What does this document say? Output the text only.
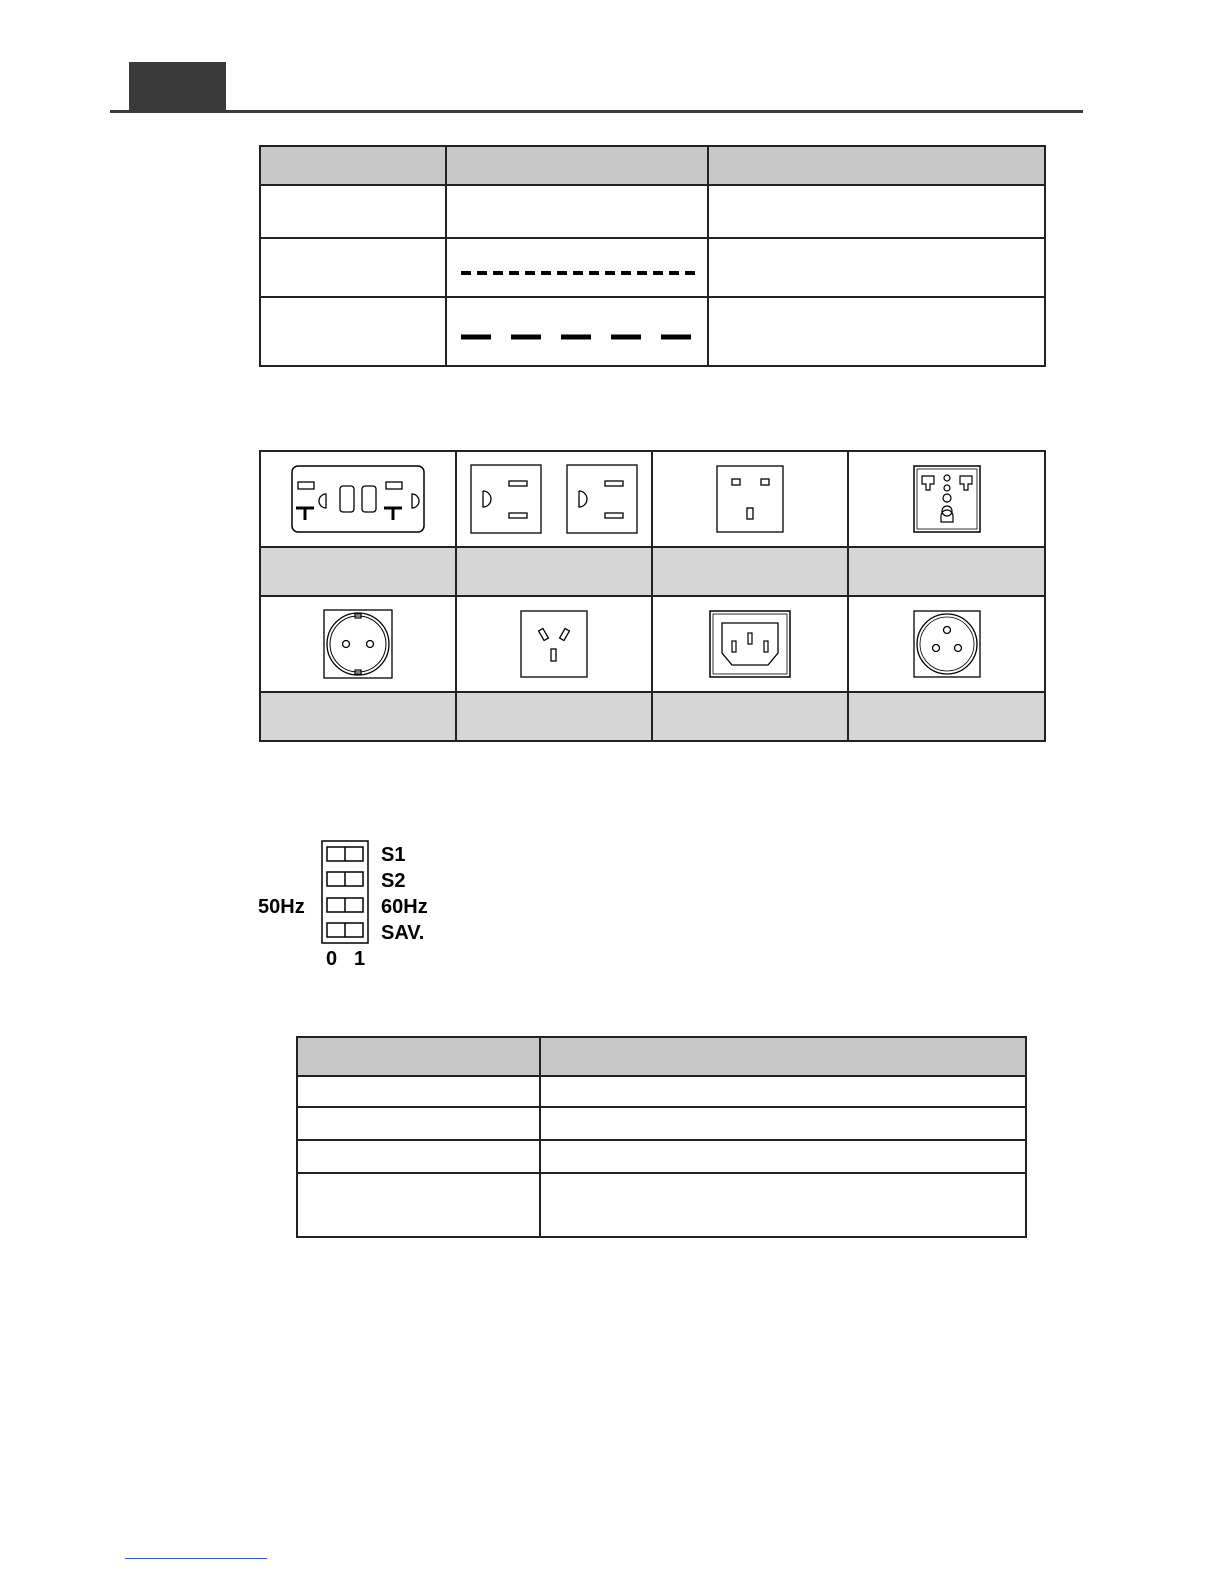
S1
S2
60Hz
SAV.
50Hz
0 1
